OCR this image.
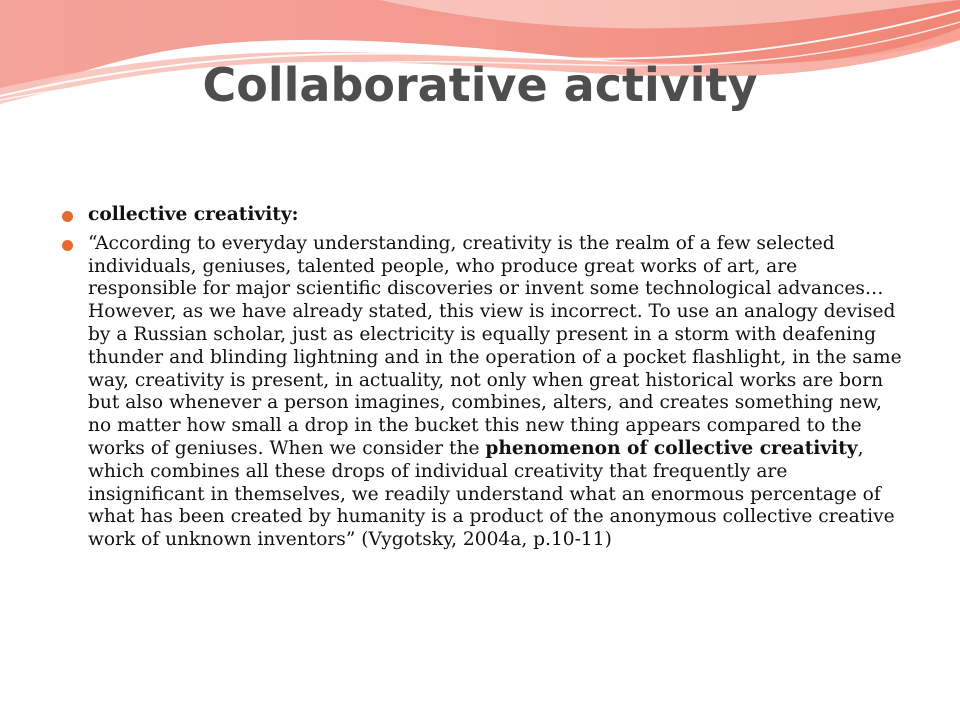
Collaborative activity
collective creativity:
“According to everyday understanding, creativity is the realm of a few selected individuals, geniuses, talented people, who produce great works of art, are responsible for major scientific discoveries or invent some technological advances… However, as we have already stated, this view is incorrect. To use an analogy devised by a Russian scholar, just as electricity is equally present in a storm with deafening thunder and blinding lightning and in the operation of a pocket flashlight, in the same way, creativity is present, in actuality, not only when great historical works are born but also whenever a person imagines, combines, alters, and creates something new, no matter how small a drop in the bucket this new thing appears compared to the works of geniuses. When we consider the phenomenon of collective creativity, which combines all these drops of individual creativity that frequently are insignificant in themselves, we readily understand what an enormous percentage of what has been created by humanity is a product of the anonymous collective creative work of unknown inventors” (Vygotsky, 2004a, p.10-11)
